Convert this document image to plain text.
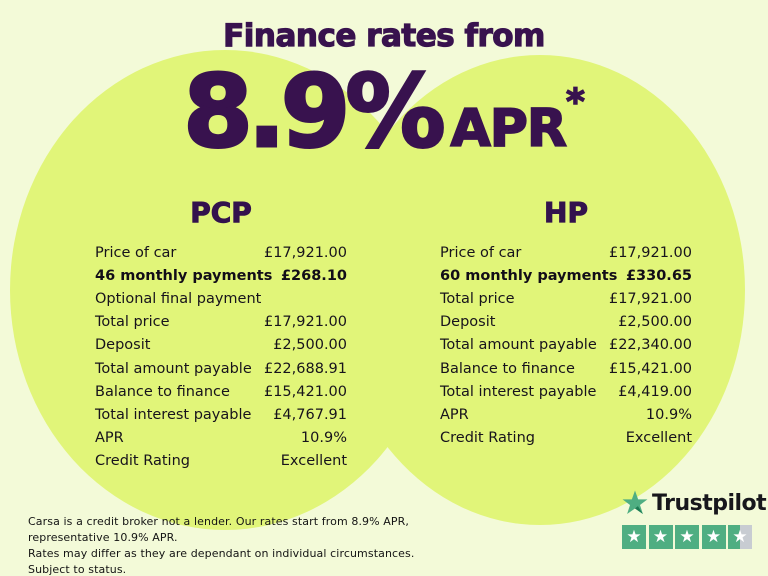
Finance rates from
8.9% APR*
PCP
Price of car	£17,921.00
46 monthly payments £268.10
Optional final payment
Total price	£17,921.00
Deposit	£2,500.00
Total amount payable £22,688.91
Balance to finance £15,421.00
Total interest payable £4,767.91
APR	10.9%
Credit Rating	Excellent
HP
Price of car	£17,921.00
60 monthly payments £330.65
Total price	£17,921.00
Deposit	£2,500.00
Total amount payable £22,340.00
Balance to finance £15,421.00
Total interest payable £4,419.00
APR	10.9%
Credit Rating	Excellent
Carsa is a credit broker not a lender. Our rates start from 8.9% APR, representative 10.9% APR.
Rates may differ as they are dependant on individual circumstances. Subject to status.
Trustpilot
★ ★ ★ ★ ★
